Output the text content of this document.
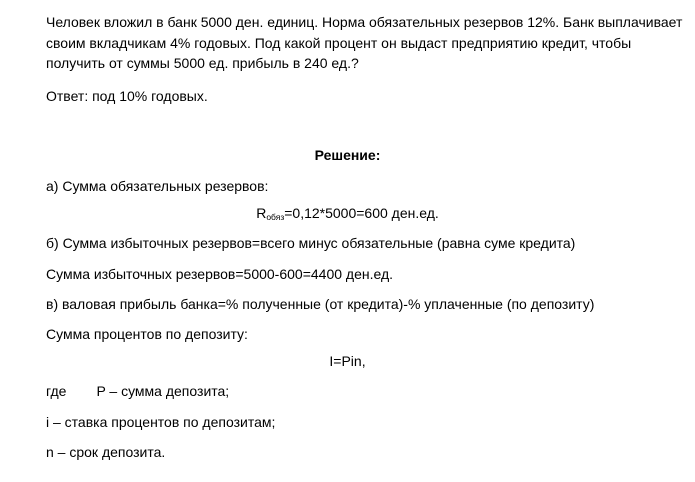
Человек вложил в банк 5000 ден. единиц. Норма обязательных резервов 12%. Банк выплачивает
своим вкладчикам 4% годовых. Под какой процент он выдаст предприятию кредит, чтобы
получить от суммы 5000 ед. прибыль в 240 ед.?
Ответ: под 10% годовых.
Решение:
а) Сумма обязательных резервов:
Rобяз=0,12*5000=600 ден.ед.
б) Сумма избыточных резервов=всего минус обязательные (равна суме кредита)
Сумма избыточных резервов=5000-600=4400 ден.ед.
в) валовая прибыль банка=% полученные (от кредита)-% уплаченные (по депозиту)
Сумма процентов по депозиту:
I=Pin,
где P – сумма депозита;
i – ставка процентов по депозитам;
n – срок депозита.
